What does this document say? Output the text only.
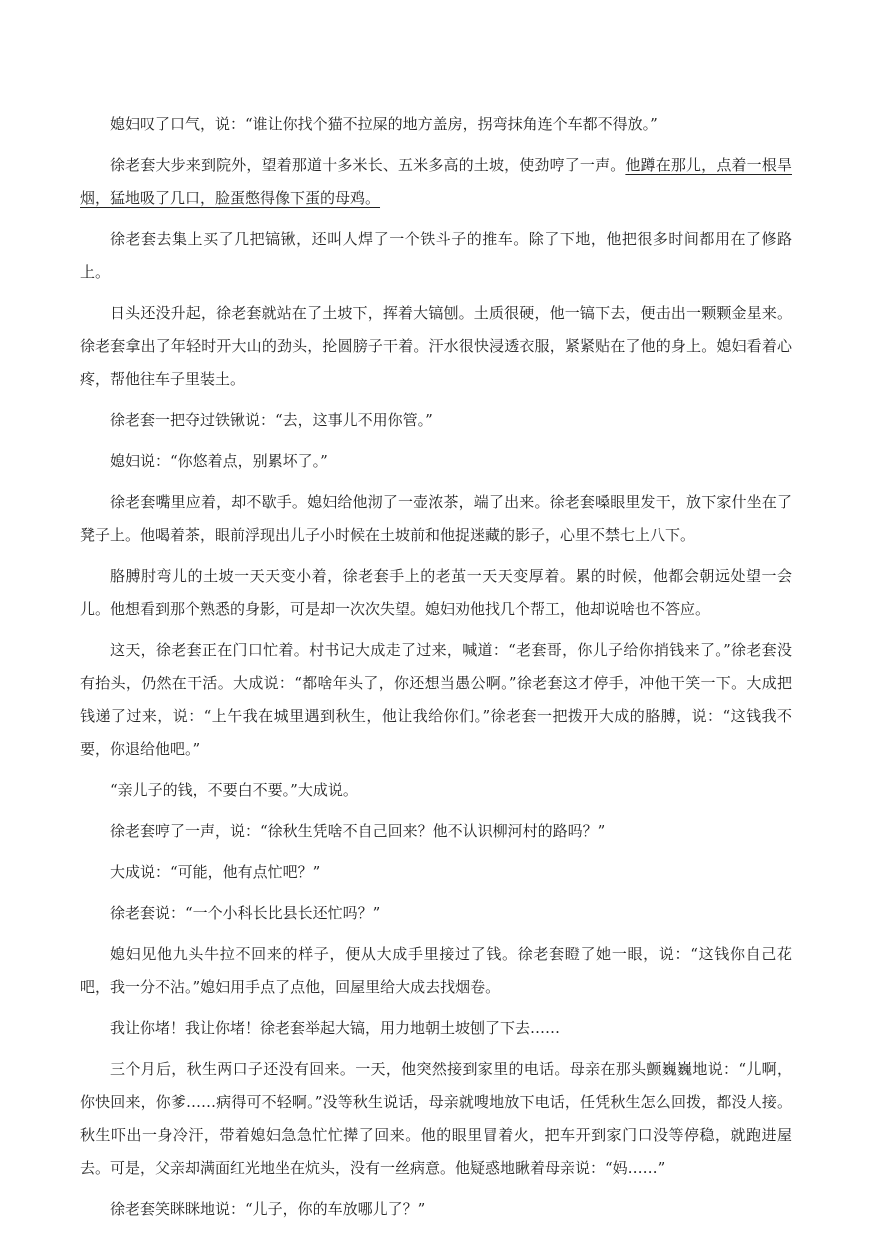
媳妇叹了口气，说：“谁让你找个猫不拉屎的地方盖房，拐弯抹角连个车都不得放。”

徐老套大步来到院外，望着那道十多米长、五米多高的土坡，使劲哼了一声。他蹲在那儿，点着一根旱烟，猛地吸了几口，脸蛋憋得像下蛋的母鸡。

徐老套去集上买了几把镐锹，还叫人焊了一个铁斗子的推车。除了下地，他把很多时间都用在了修路上。

日头还没升起，徐老套就站在了土坡下，挥着大镐刨。土质很硬，他一镐下去，便击出一颗颗金星来。徐老套拿出了年轻时开大山的劲头，抡圆膀子干着。汗水很快浸透衣服，紧紧贴在了他的身上。媳妇看着心疼，帮他往车子里装土。

徐老套一把夺过铁锹说：“去，这事儿不用你管。”

媳妇说：“你悠着点，别累坏了。”

徐老套嘴里应着，却不歇手。媳妇给他沏了一壶浓茶，端了出来。徐老套嗓眼里发干，放下家什坐在了凳子上。他喝着茶，眼前浮现出儿子小时候在土坡前和他捉迷藏的影子，心里不禁七上八下。

胳膊肘弯儿的土坡一天天变小着，徐老套手上的老茧一天天变厚着。累的时候，他都会朝远处望一会儿。他想看到那个熟悉的身影，可是却一次次失望。媳妇劝他找几个帮工，他却说啥也不答应。

这天，徐老套正在门口忙着。村书记大成走了过来，喊道：“老套哥，你儿子给你捎钱来了。”徐老套没有抬头，仍然在干活。大成说：“都啥年头了，你还想当愚公啊。”徐老套这才停手，冲他干笑一下。大成把钱递了过来，说：“上午我在城里遇到秋生，他让我给你们。”徐老套一把拨开大成的胳膊，说：“这钱我不要，你退给他吧。”

“亲儿子的钱，不要白不要。”大成说。

徐老套哼了一声，说：“徐秋生凭啥不自己回来？他不认识柳河村的路吗？”

大成说：“可能，他有点忙吧？”

徐老套说：“一个小科长比县长还忙吗？”

媳妇见他九头牛拉不回来的样子，便从大成手里接过了钱。徐老套瞪了她一眼，说：“这钱你自己花吧，我一分不沾。”媳妇用手点了点他，回屋里给大成去找烟卷。

我让你堵！我让你堵！徐老套举起大镐，用力地朝土坡刨了下去……

三个月后，秋生两口子还没有回来。一天，他突然接到家里的电话。母亲在那头颤巍巍地说：“儿啊，你快回来，你爹……病得可不轻啊。”没等秋生说话，母亲就嗖地放下电话，任凭秋生怎么回拨，都没人接。秋生吓出一身冷汗，带着媳妇急急忙忙撵了回来。他的眼里冒着火，把车开到家门口没等停稳，就跑进屋去。可是，父亲却满面红光地坐在炕头，没有一丝病意。他疑惑地瞅着母亲说：“妈……”

徐老套笑眯眯地说：“儿子，你的车放哪儿了？”
